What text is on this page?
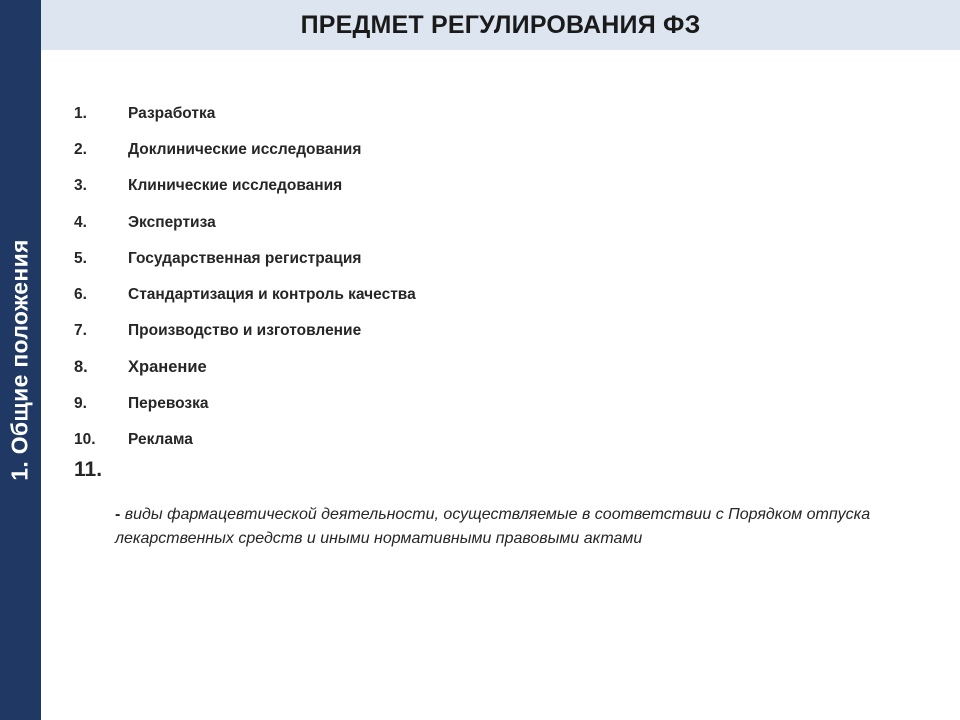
1. Общие положения
ПРЕДМЕТ РЕГУЛИРОВАНИЯ ФЗ
1.	Разработка
2.	Доклинические исследования
3.	Клинические исследования
4.	Экспертиза
5.	Государственная регистрация
6.	Стандартизация и контроль качества
7.	Производство и изготовление
8.	Хранение
9.	Перевозка
10.	Реклама
11.
- виды фармацевтической деятельности, осуществляемые в соответствии с Порядком отпуска лекарственных средств и иными нормативными правовыми актами
